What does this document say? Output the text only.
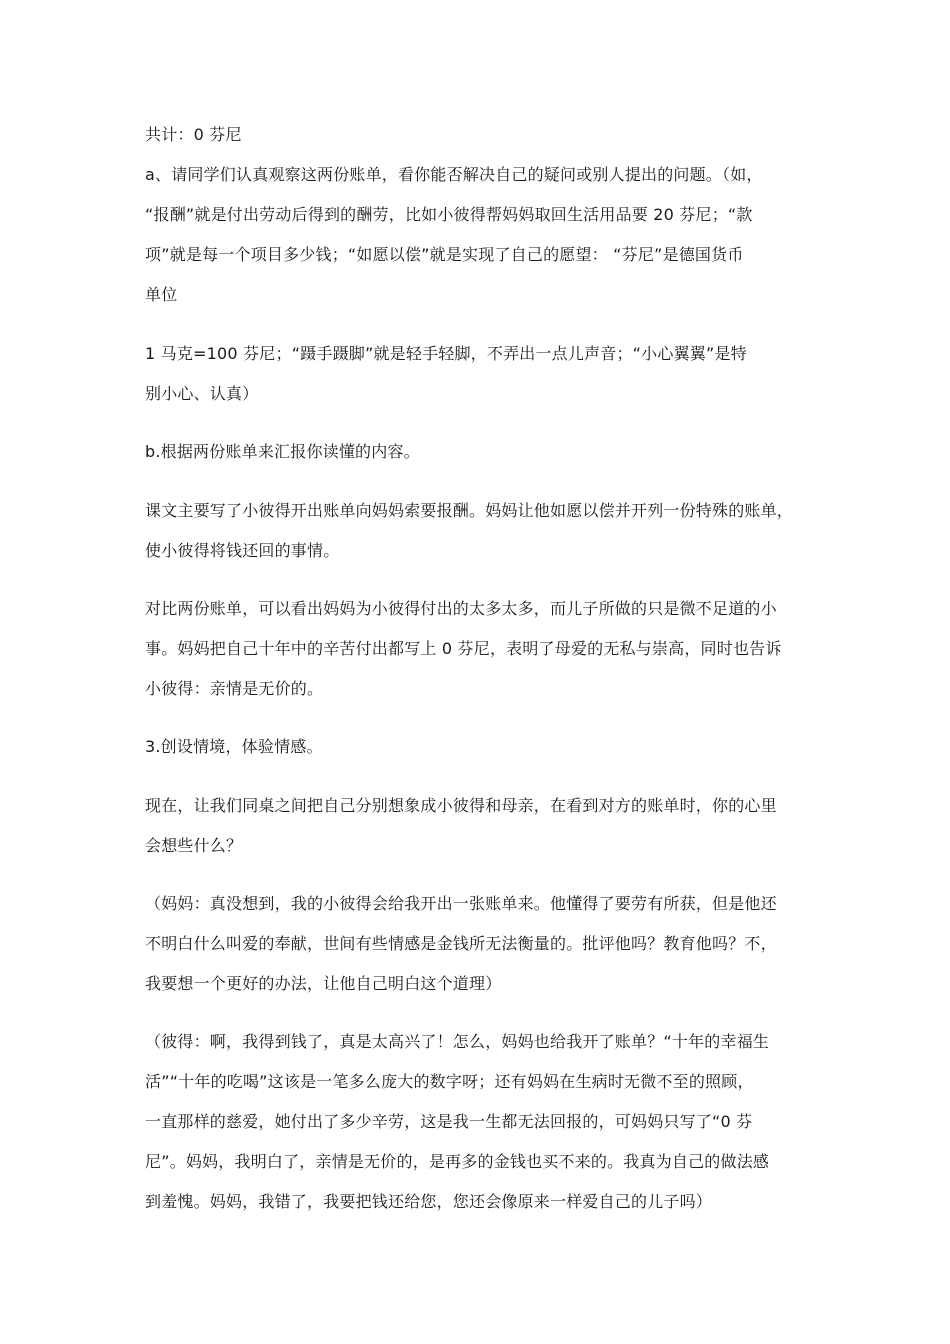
共计：0 芬尼
a、请同学们认真观察这两份账单，看你能否解决自己的疑问或别人提出的问题。（如，
“报酬”就是付出劳动后得到的酬劳，比如小彼得帮妈妈取回生活用品要 20 芬尼；“款
项”就是每一个项目多少钱；“如愿以偿”就是实现了自己的愿望： “芬尼”是德国货币
单位
1 马克=100 芬尼；“蹑手蹑脚”就是轻手轻脚，不弄出一点儿声音；“小心翼翼”是特
别小心、认真）
b.根据两份账单来汇报你读懂的内容。
课文主要写了小彼得开出账单向妈妈索要报酬。妈妈让他如愿以偿并开列一份特殊的账单，
使小彼得将钱还回的事情。
对比两份账单，可以看出妈妈为小彼得付出的太多太多，而儿子所做的只是微不足道的小
事。妈妈把自己十年中的辛苦付出都写上 0 芬尼，表明了母爱的无私与崇高，同时也告诉
小彼得：亲情是无价的。
3.创设情境，体验情感。
现在，让我们同桌之间把自己分别想象成小彼得和母亲，在看到对方的账单时，你的心里
会想些什么？
（妈妈：真没想到，我的小彼得会给我开出一张账单来。他懂得了要劳有所获，但是他还
不明白什么叫爱的奉献，世间有些情感是金钱所无法衡量的。批评他吗？教育他吗？不，
我要想一个更好的办法，让他自己明白这个道理）
（彼得：啊，我得到钱了，真是太高兴了！怎么，妈妈也给我开了账单？“十年的幸福生
活”“十年的吃喝”这该是一笔多么庞大的数字呀；还有妈妈在生病时无微不至的照顾，
一直那样的慈爱，她付出了多少辛劳，这是我一生都无法回报的，可妈妈只写了“0 芬
尼”。妈妈，我明白了，亲情是无价的，是再多的金钱也买不来的。我真为自己的做法感
到羞愧。妈妈，我错了，我要把钱还给您，您还会像原来一样爱自己的儿子吗）
